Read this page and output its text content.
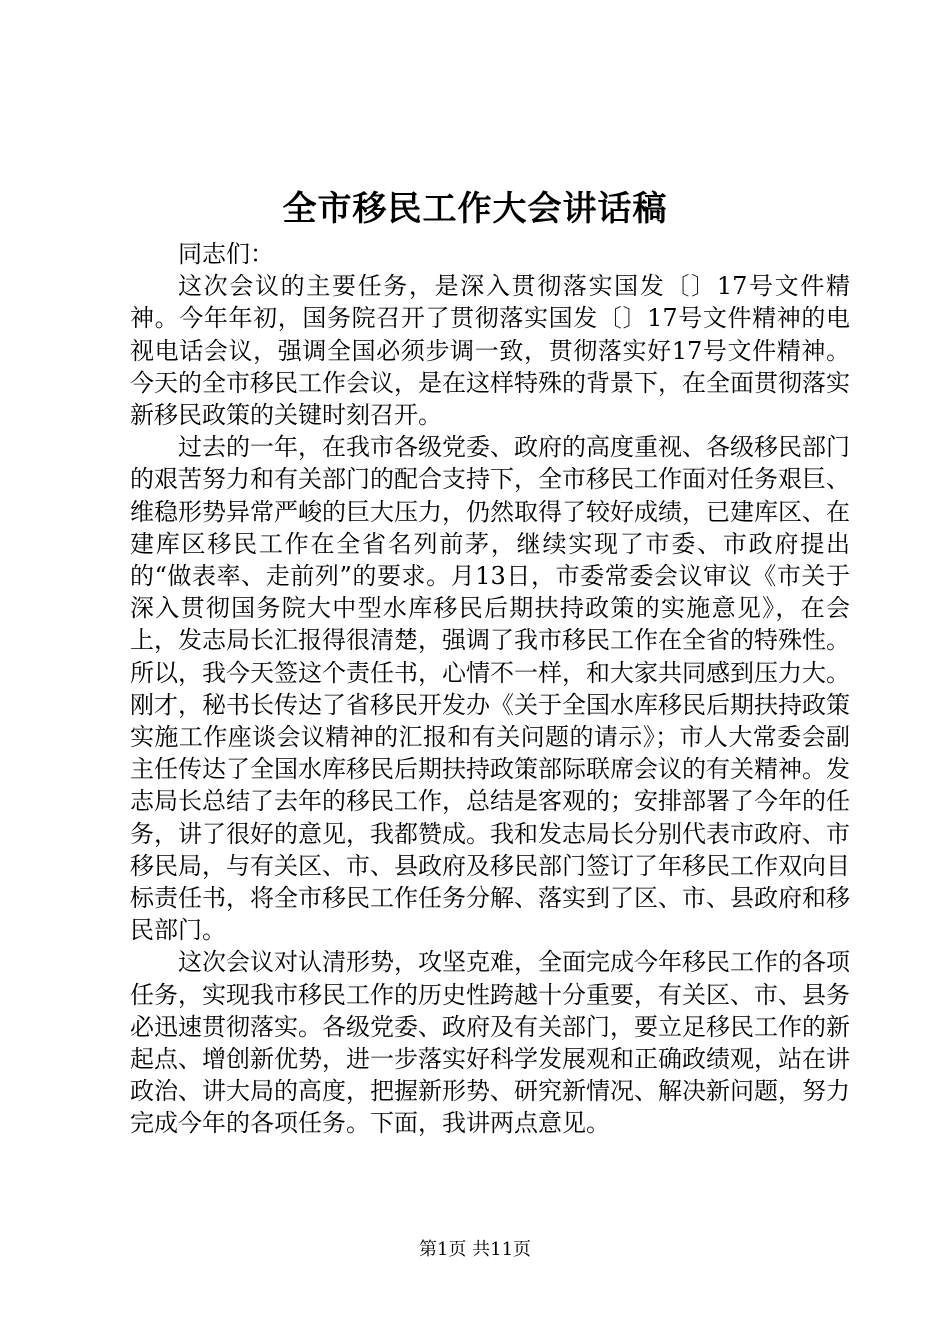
全市移民工作大会讲话稿

同志们：

这次会议的主要任务，是深入贯彻落实国发〔〕17号文件精神。今年年初，国务院召开了贯彻落实国发〔〕17号文件精神的电视电话会议，强调全国必须步调一致，贯彻落实好17号文件精神。今天的全市移民工作会议，是在这样特殊的背景下，在全面贯彻落实新移民政策的关键时刻召开。

过去的一年，在我市各级党委、政府的高度重视、各级移民部门的艰苦努力和有关部门的配合支持下，全市移民工作面对任务艰巨、维稳形势异常严峻的巨大压力，仍然取得了较好成绩，已建库区、在建库区移民工作在全省名列前茅，继续实现了市委、市政府提出的“做表率、走前列”的要求。月13日，市委常委会议审议《市关于深入贯彻国务院大中型水库移民后期扶持政策的实施意见》，在会上，发志局长汇报得很清楚，强调了我市移民工作在全省的特殊性。所以，我今天签这个责任书，心情不一样，和大家共同感到压力大。刚才，秘书长传达了省移民开发办《关于全国水库移民后期扶持政策实施工作座谈会议精神的汇报和有关问题的请示》；市人大常委会副主任传达了全国水库移民后期扶持政策部际联席会议的有关精神。发志局长总结了去年的移民工作，总结是客观的；安排部署了今年的任务，讲了很好的意见，我都赞成。我和发志局长分别代表市政府、市移民局，与有关区、市、县政府及移民部门签订了年移民工作双向目标责任书，将全市移民工作任务分解、落实到了区、市、县政府和移民部门。

这次会议对认清形势，攻坚克难，全面完成今年移民工作的各项任务，实现我市移民工作的历史性跨越十分重要，有关区、市、县务必迅速贯彻落实。各级党委、政府及有关部门，要立足移民工作的新起点、增创新优势，进一步落实好科学发展观和正确政绩观，站在讲政治、讲大局的高度，把握新形势、研究新情况、解决新问题，努力完成今年的各项任务。下面，我讲两点意见。

第1页 共11页
